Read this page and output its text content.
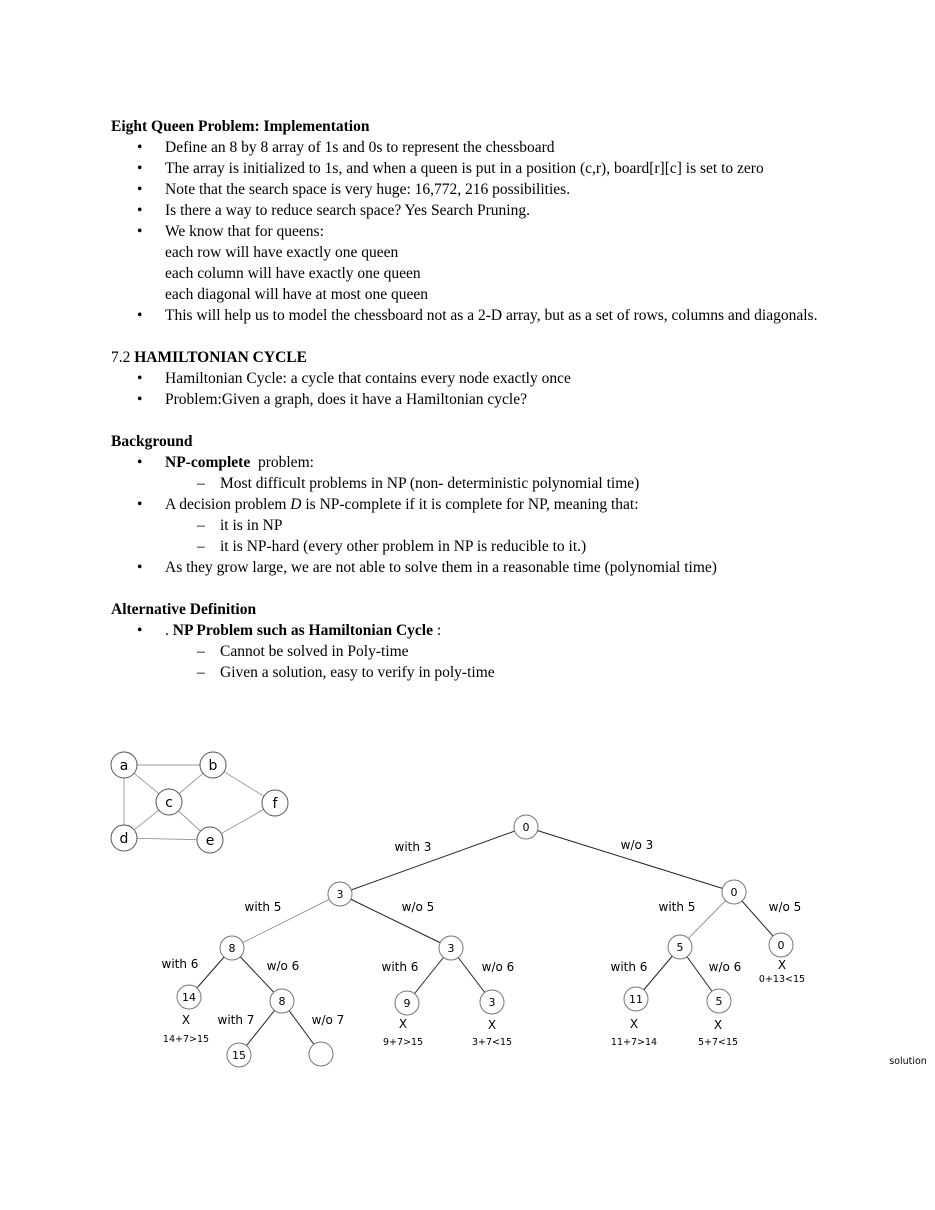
Eight Queen Problem: Implementation
• Define an 8 by 8 array of 1s and 0s to represent the chessboard
• The array is initialized to 1s, and when a queen is put in a position (c,r), board[r][c] is set to zero
• Note that the search space is very huge: 16,772, 216 possibilities.
• Is there a way to reduce search space? Yes Search Pruning.
• We know that for queens:
each row will have exactly one queen
each column will have exactly one queen
each diagonal will have at most one queen
• This will help us to model the chessboard not as a 2-D array, but as a set of rows, columns and diagonals.
7.2 HAMILTONIAN CYCLE
• Hamiltonian Cycle: a cycle that contains every node exactly once
• Problem:Given a graph, does it have a Hamiltonian cycle?
Background
• NP-complete  problem:
– Most difficult problems in NP (non- deterministic polynomial time)
• A decision problem D is NP-complete if it is complete for NP, meaning that:
– it is in NP
– it is NP-hard (every other problem in NP is reducible to it.)
• As they grow large, we are not able to solve them in a reasonable time (polynomial time)
Alternative Definition
• . NP Problem such as Hamiltonian Cycle :
– Cannot be solved in Poly-time
– Given a solution, easy to verify in poly-time
a	b
c
d	e
f
with 3	w/o 3
with 5	w/o 5	with 5	w/o 5
with 6	w/o 6	with 6	w/o 6	with 6	w/o 6
with 7	w/o 7
0
3	0
8	3	5	0
14	8	9	3	11	5
15
X
0+13<15
X
14+7>15
X
9+7>15
X
3+7<15
X
11+7>14
X
5+7<15
solution
